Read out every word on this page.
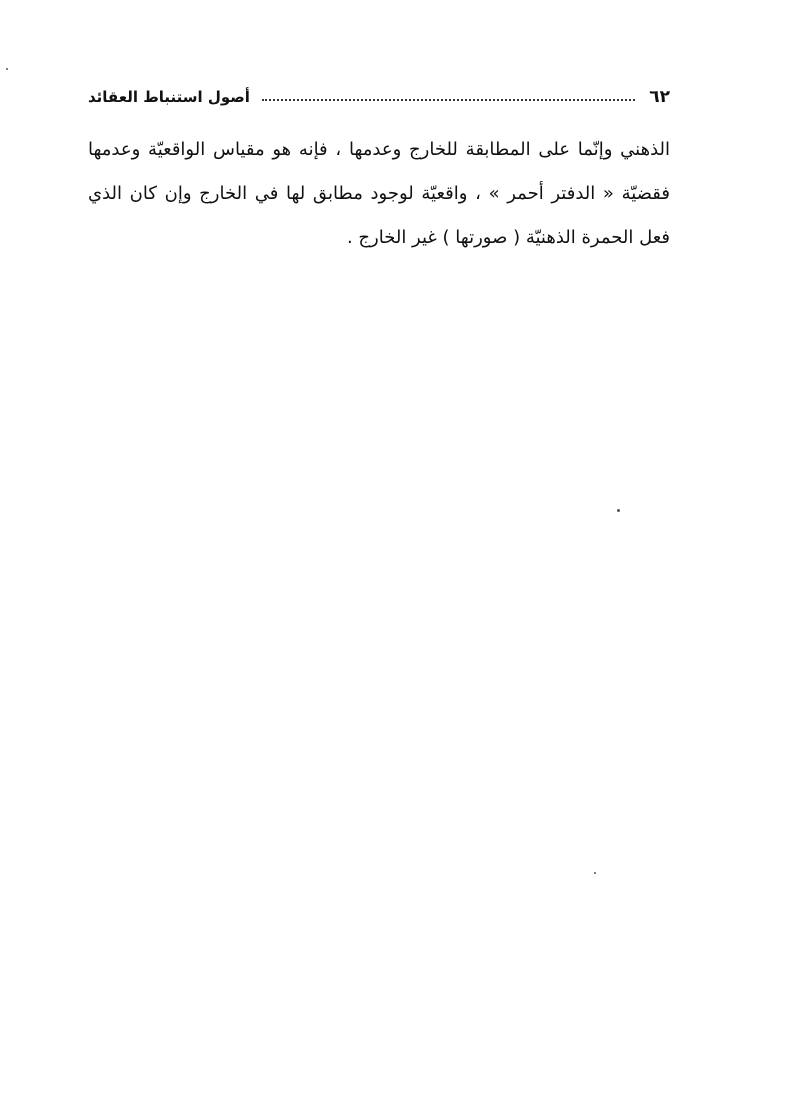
٦٢
أصول استنباط العقائد
الذهني وإنّما على المطابقة للخارج وعدمها ، فإنه هو مقياس الواقعيّة وعدمها
فقضيّة « الدفتر أحمر » ، واقعيّة لوجود مطابق لها في الخارج وإن كان الذي
فعل الحمرة الذهنيّة ( صورتها ) غير الخارج .
